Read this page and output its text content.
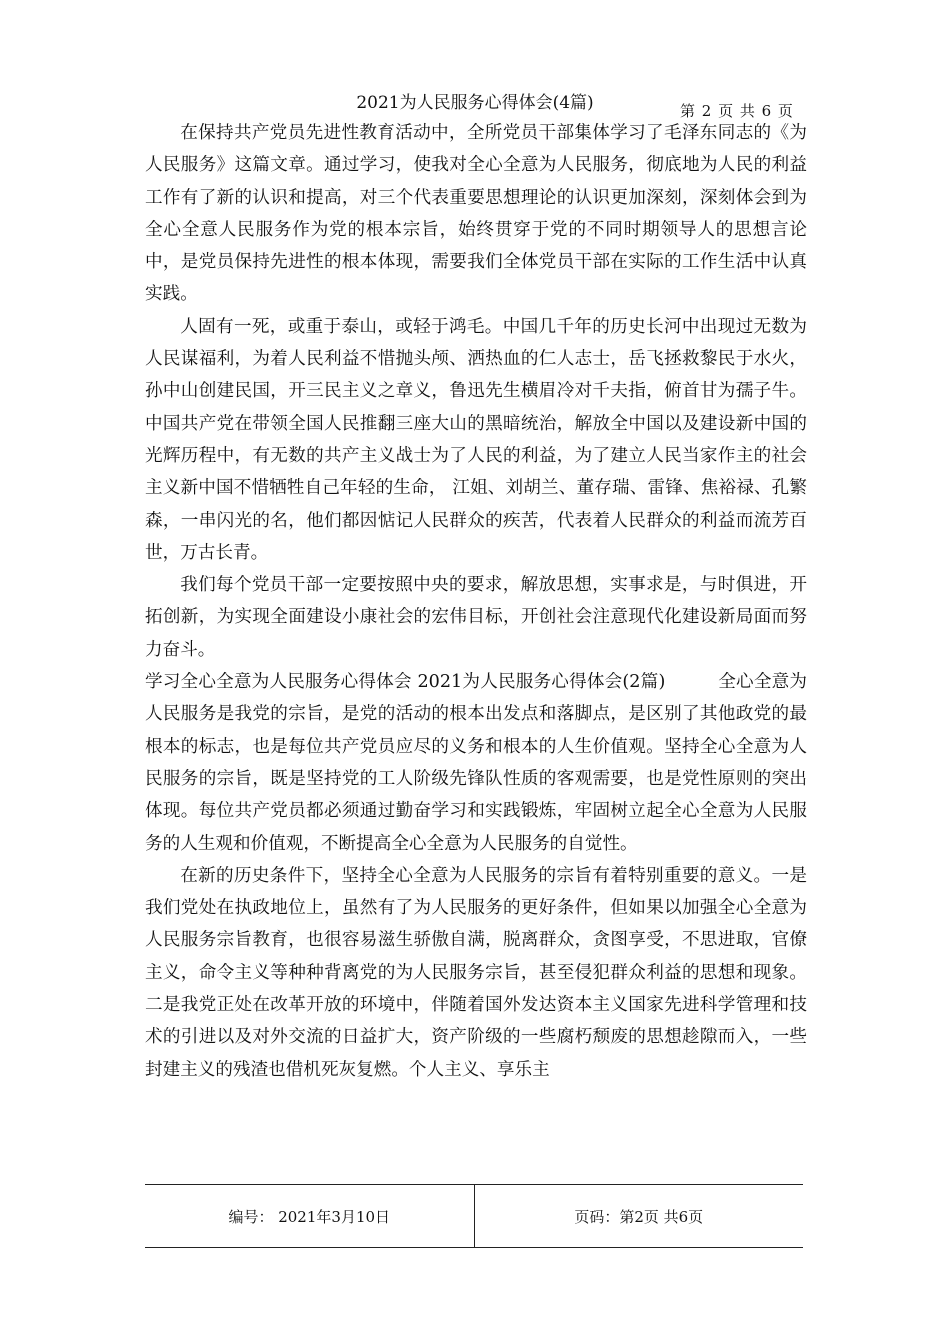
2021为人民服务心得体会(4篇)	第 2 页 共 6 页

在保持共产党员先进性教育活动中，全所党员干部集体学习了毛泽东同志的《为人民服务》这篇文章。通过学习，使我对全心全意为人民服务，彻底地为人民的利益工作有了新的认识和提高，对三个代表重要思想理论的认识更加深刻，深刻体会到为全心全意人民服务作为党的根本宗旨，始终贯穿于党的不同时期领导人的思想言论中，是党员保持先进性的根本体现，需要我们全体党员干部在实际的工作生活中认真实践。

人固有一死，或重于泰山，或轻于鸿毛。中国几千年的历史长河中出现过无数为人民谋福利，为着人民利益不惜抛头颅、洒热血的仁人志士，岳飞拯救黎民于水火，孙中山创建民国，开三民主义之章义，鲁迅先生横眉冷对千夫指，俯首甘为孺子牛。中国共产党在带领全国人民推翻三座大山的黑暗统治，解放全中国以及建设新中国的光辉历程中，有无数的共产主义战士为了人民的利益，为了建立人民当家作主的社会主义新中国不惜牺牲自己年轻的生命， 江姐、刘胡兰、董存瑞、雷锋、焦裕禄、孔繁森，一串闪光的名，他们都因惦记人民群众的疾苦，代表着人民群众的利益而流芳百世，万古长青。

我们每个党员干部一定要按照中央的要求，解放思想，实事求是，与时俱进，开拓创新，为实现全面建设小康社会的宏伟目标，开创社会注意现代化建设新局面而努力奋斗。

学习全心全意为人民服务心得体会 2021为人民服务心得体会(2篇)   	全心全意为人民服务是我党的宗旨，是党的活动的根本出发点和落脚点，是区别了其他政党的最根本的标志，也是每位共产党员应尽的义务和根本的人生价值观。坚持全心全意为人民服务的宗旨，既是坚持党的工人阶级先锋队性质的客观需要，也是党性原则的突出体现。每位共产党员都必须通过勤奋学习和实践锻炼，牢固树立起全心全意为人民服务的人生观和价值观，不断提高全心全意为人民服务的自觉性。

在新的历史条件下，坚持全心全意为人民服务的宗旨有着特别重要的意义。一是我们党处在执政地位上，虽然有了为人民服务的更好条件，但如果以加强全心全意为人民服务宗旨教育，也很容易滋生骄傲自满，脱离群众，贪图享受，不思进取，官僚主义，命令主义等种种背离党的为人民服务宗旨，甚至侵犯群众利益的思想和现象。二是我党正处在改革开放的环境中，伴随着国外发达资本主义国家先进科学管理和技术的引进以及对外交流的日益扩大，资产阶级的一些腐朽颓废的思想趁隙而入，一些封建主义的残渣也借机死灰复燃。个人主义、享乐主

编号： 2021年3月10日	页码：第2页 共6页
